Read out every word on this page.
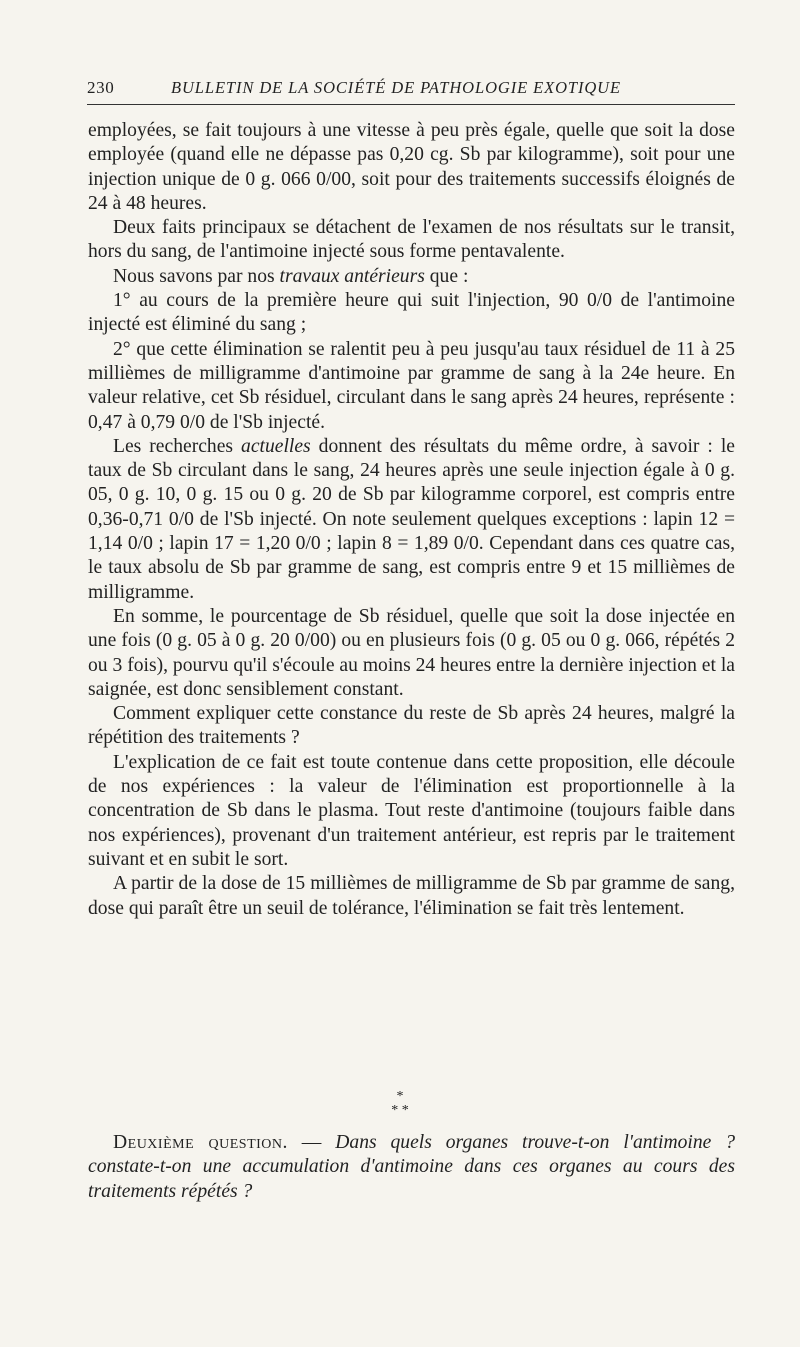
230	BULLETIN DE LA SOCIÉTÉ DE PATHOLOGIE EXOTIQUE

employées, se fait toujours à une vitesse à peu près égale, quelle que soit la dose employée (quand elle ne dépasse pas 0,20 cg. Sb par kilogramme), soit pour une injection unique de 0 g. 066 0/00, soit pour des traitements successifs éloignés de 24 à 48 heures.

Deux faits principaux se détachent de l'examen de nos résultats sur le transit, hors du sang, de l'antimoine injecté sous forme pentavalente.

Nous savons par nos travaux antérieurs que :

1° au cours de la première heure qui suit l'injection, 90 0/0 de l'antimoine injecté est éliminé du sang ;

2° que cette élimination se ralentit peu à peu jusqu'au taux résiduel de 11 à 25 millièmes de milligramme d'antimoine par gramme de sang à la 24e heure. En valeur relative, cet Sb résiduel, circulant dans le sang après 24 heures, représente : 0,47 à 0,79 0/0 de l'Sb injecté.

Les recherches actuelles donnent des résultats du même ordre, à savoir : le taux de Sb circulant dans le sang, 24 heures après une seule injection égale à 0 g. 05, 0 g. 10, 0 g. 15 ou 0 g. 20 de Sb par kilogramme corporel, est compris entre 0,36-0,71 0/0 de l'Sb injecté. On note seulement quelques exceptions : lapin 12 = 1,14 0/0 ; lapin 17 = 1,20 0/0 ; lapin 8 = 1,89 0/0. Cependant dans ces quatre cas, le taux absolu de Sb par gramme de sang, est compris entre 9 et 15 millièmes de milligramme.

En somme, le pourcentage de Sb résiduel, quelle que soit la dose injectée en une fois (0 g. 05 à 0 g. 20 0/00) ou en plusieurs fois (0 g. 05 ou 0 g. 066, répétés 2 ou 3 fois), pourvu qu'il s'écoule au moins 24 heures entre la dernière injection et la saignée, est donc sensiblement constant.

Comment expliquer cette constance du reste de Sb après 24 heures, malgré la répétition des traitements ?

L'explication de ce fait est toute contenue dans cette proposition, elle découle de nos expériences : la valeur de l'élimination est proportionnelle à la concentration de Sb dans le plasma. Tout reste d'antimoine (toujours faible dans nos expériences), provenant d'un traitement antérieur, est repris par le traitement suivant et en subit le sort.

A partir de la dose de 15 millièmes de milligramme de Sb par gramme de sang, dose qui paraît être un seuil de tolérance, l'élimination se fait très lentement.

*
* *
Deuxième question. — Dans quels organes trouve-t-on l'antimoine ? constate-t-on une accumulation d'antimoine dans ces organes au cours des traitements répétés ?
